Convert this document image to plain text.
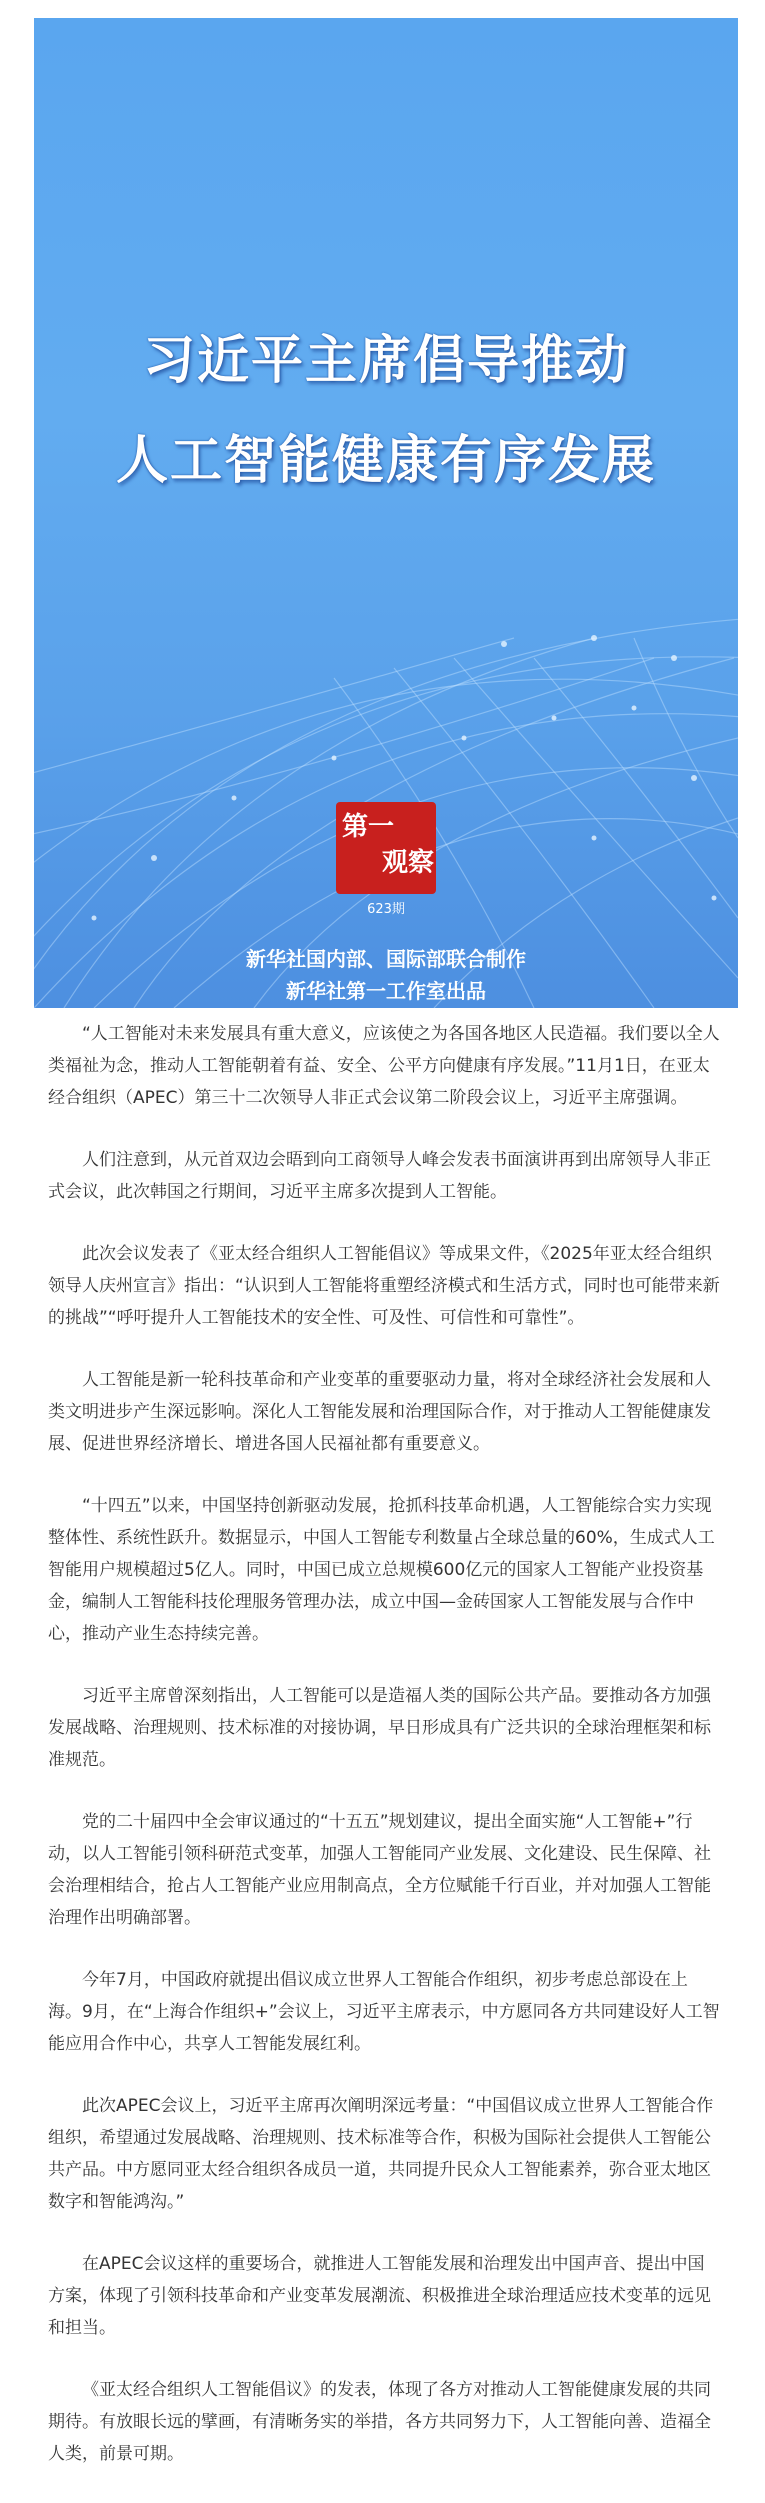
习近平主席倡导推动
人工智能健康有序发展
第一
观察
623期
新华社国内部、国际部联合制作
新华社第一工作室出品

“人工智能对未来发展具有重大意义，应该使之为各国各地区人民造福。我们要以全人类福祉为念，推动人工智能朝着有益、安全、公平方向健康有序发展。”11月1日，在亚太经合组织（APEC）第三十二次领导人非正式会议第二阶段会议上，习近平主席强调。

人们注意到，从元首双边会晤到向工商领导人峰会发表书面演讲再到出席领导人非正式会议，此次韩国之行期间，习近平主席多次提到人工智能。

此次会议发表了《亚太经合组织人工智能倡议》等成果文件，《2025年亚太经合组织领导人庆州宣言》指出：“认识到人工智能将重塑经济模式和生活方式，同时也可能带来新的挑战”“呼吁提升人工智能技术的安全性、可及性、可信性和可靠性”。

人工智能是新一轮科技革命和产业变革的重要驱动力量，将对全球经济社会发展和人类文明进步产生深远影响。深化人工智能发展和治理国际合作，对于推动人工智能健康发展、促进世界经济增长、增进各国人民福祉都有重要意义。

“十四五”以来，中国坚持创新驱动发展，抢抓科技革命机遇，人工智能综合实力实现整体性、系统性跃升。数据显示，中国人工智能专利数量占全球总量的60%，生成式人工智能用户规模超过5亿人。同时，中国已成立总规模600亿元的国家人工智能产业投资基金，编制人工智能科技伦理服务管理办法，成立中国—金砖国家人工智能发展与合作中心，推动产业生态持续完善。

习近平主席曾深刻指出，人工智能可以是造福人类的国际公共产品。要推动各方加强发展战略、治理规则、技术标准的对接协调，早日形成具有广泛共识的全球治理框架和标准规范。

党的二十届四中全会审议通过的“十五五”规划建议，提出全面实施“人工智能+”行动，以人工智能引领科研范式变革，加强人工智能同产业发展、文化建设、民生保障、社会治理相结合，抢占人工智能产业应用制高点，全方位赋能千行百业，并对加强人工智能治理作出明确部署。

今年7月，中国政府就提出倡议成立世界人工智能合作组织，初步考虑总部设在上海。9月，在“上海合作组织+”会议上，习近平主席表示，中方愿同各方共同建设好人工智能应用合作中心，共享人工智能发展红利。

此次APEC会议上，习近平主席再次阐明深远考量：“中国倡议成立世界人工智能合作组织，希望通过发展战略、治理规则、技术标准等合作，积极为国际社会提供人工智能公共产品。中方愿同亚太经合组织各成员一道，共同提升民众人工智能素养，弥合亚太地区数字和智能鸿沟。”

在APEC会议这样的重要场合，就推进人工智能发展和治理发出中国声音、提出中国方案，体现了引领科技革命和产业变革发展潮流、积极推进全球治理适应技术变革的远见和担当。

《亚太经合组织人工智能倡议》的发表，体现了各方对推动人工智能健康发展的共同期待。有放眼长远的擘画，有清晰务实的举措，各方共同努力下，人工智能向善、造福全人类，前景可期。
